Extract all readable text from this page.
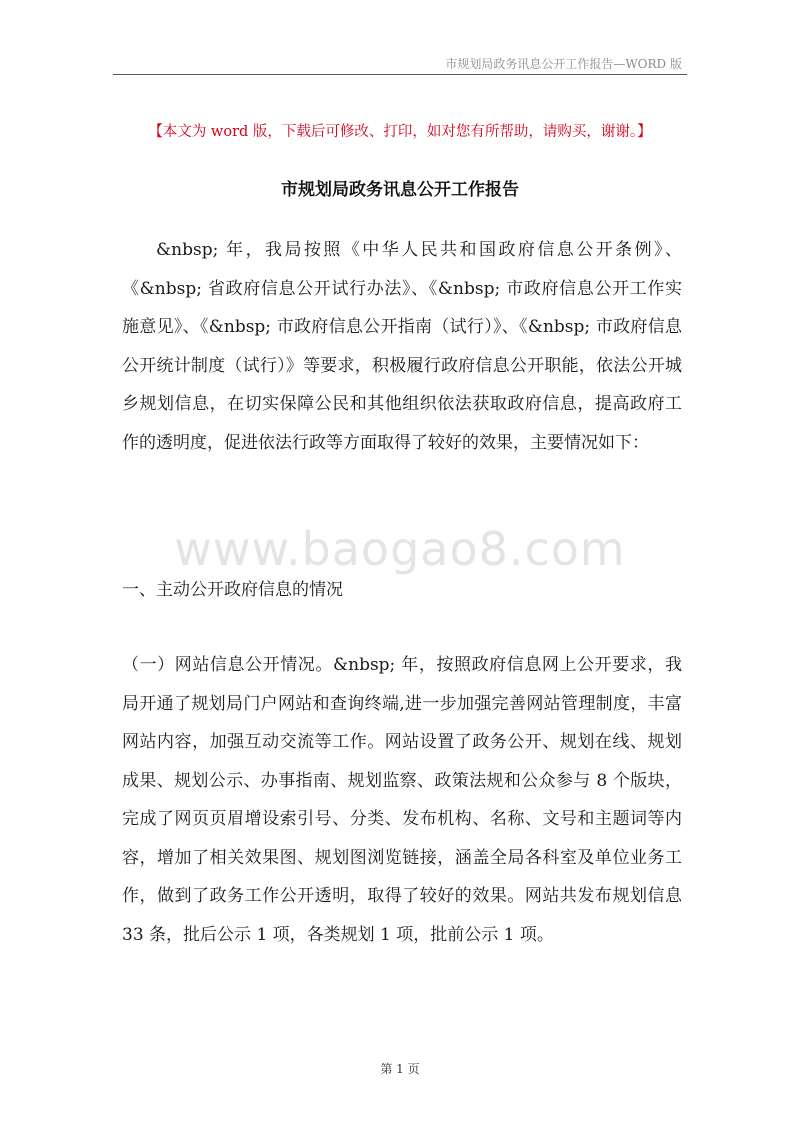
市规划局政务讯息公开工作报告—WORD 版
【本文为 word 版，下载后可修改、打印，如对您有所帮助，请购买，谢谢。】
市规划局政务讯息公开工作报告
&nbsp; 年，我局按照《中华人民共和国政府信息公开条例》、《&nbsp; 省政府信息公开试行办法》、《&nbsp; 市政府信息公开工作实施意见》、《&nbsp; 市政府信息公开指南（试行）》、《&nbsp; 市政府信息公开统计制度（试行）》等要求，积极履行政府信息公开职能，依法公开城乡规划信息，在切实保障公民和其他组织依法获取政府信息，提高政府工作的透明度，促进依法行政等方面取得了较好的效果，主要情况如下：
www.baogao8.com
一、主动公开政府信息的情况
（一）网站信息公开情况。&nbsp; 年，按照政府信息网上公开要求，我局开通了规划局门户网站和查询终端,进一步加强完善网站管理制度，丰富网站内容，加强互动交流等工作。网站设置了政务公开、规划在线、规划成果、规划公示、办事指南、规划监察、政策法规和公众参与 8 个版块，完成了网页页眉增设索引号、分类、发布机构、名称、文号和主题词等内容，增加了相关效果图、规划图浏览链接，涵盖全局各科室及单位业务工作，做到了政务工作公开透明，取得了较好的效果。网站共发布规划信息 33 条，批后公示 1 项，各类规划 1 项，批前公示 1 项。
第 1 页
